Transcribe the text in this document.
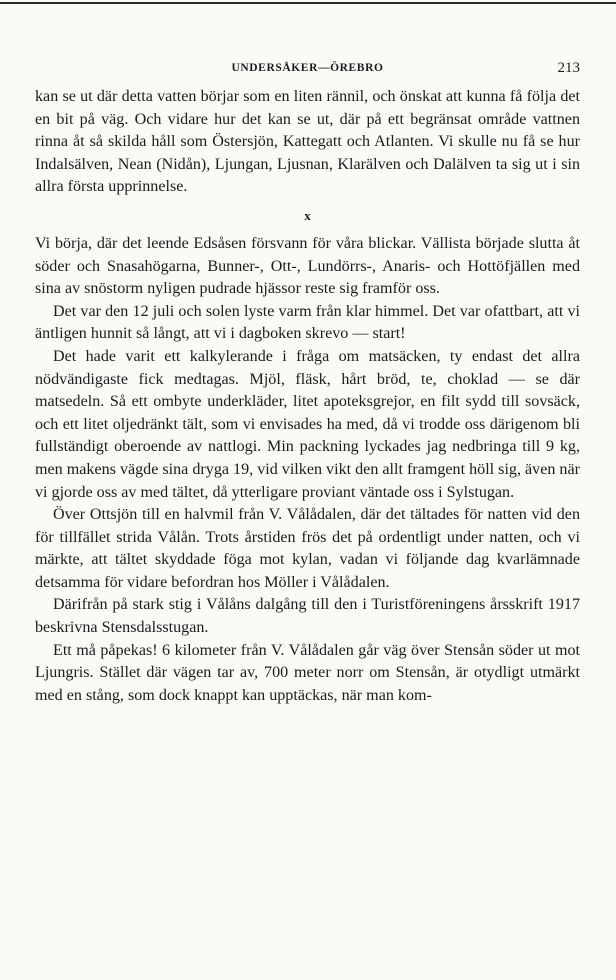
UNDERSÅKER—ÖREBRO	213

kan se ut där detta vatten börjar som en liten rännil, och önskat att kunna få följa det en bit på väg. Och vidare hur det kan se ut, där på ett begränsat område vattnen rinna åt så skilda håll som Östersjön, Kattegatt och Atlanten. Vi skulle nu få se hur Indalsälven, Nean (Nidån), Ljungan, Ljusnan, Klarälven och Dalälven ta sig ut i sin allra första upprinnelse.

x

Vi börja, där det leende Edsåsen försvann för våra blickar. Vällista började slutta åt söder och Snasahögarna, Bunner-, Ott-, Lundörrs-, Anaris- och Hottöfjällen med sina av snöstorm nyligen pudrade hjässor reste sig framför oss.

Det var den 12 juli och solen lyste varm från klar himmel. Det var ofattbart, att vi äntligen hunnit så långt, att vi i dagboken skrevo — start!

Det hade varit ett kalkylerande i fråga om matsäcken, ty endast det allra nödvändigaste fick medtagas. Mjöl, fläsk, hårt bröd, te, choklad — se där matsedeln. Så ett ombyte underkläder, litet apoteksgrejor, en filt sydd till sovsäck, och ett litet oljedränkt tält, som vi envisades ha med, då vi trodde oss därigenom bli fullständigt oberoende av nattlogi. Min packning lyckades jag nedbringa till 9 kg, men makens vägde sina dryga 19, vid vilken vikt den allt framgent höll sig, även när vi gjorde oss av med tältet, då ytterligare proviant väntade oss i Sylstugan.

Över Ottsjön till en halvmil från V. Vålådalen, där det tältades för natten vid den för tillfället strida Vålån. Trots årstiden frös det på ordentligt under natten, och vi märkte, att tältet skyddade föga mot kylan, vadan vi följande dag kvarlämnade detsamma för vidare befordran hos Möller i Vålådalen.

Därifrån på stark stig i Vålåns dalgång till den i Turistföreningens årsskrift 1917 beskrivna Stensdalsstugan.

Ett må påpekas! 6 kilometer från V. Vålådalen går väg över Stensån söder ut mot Ljungris. Stället där vägen tar av, 700 meter norr om Stensån, är otydligt utmärkt med en stång, som dock knappt kan upptäckas, när man kom-
